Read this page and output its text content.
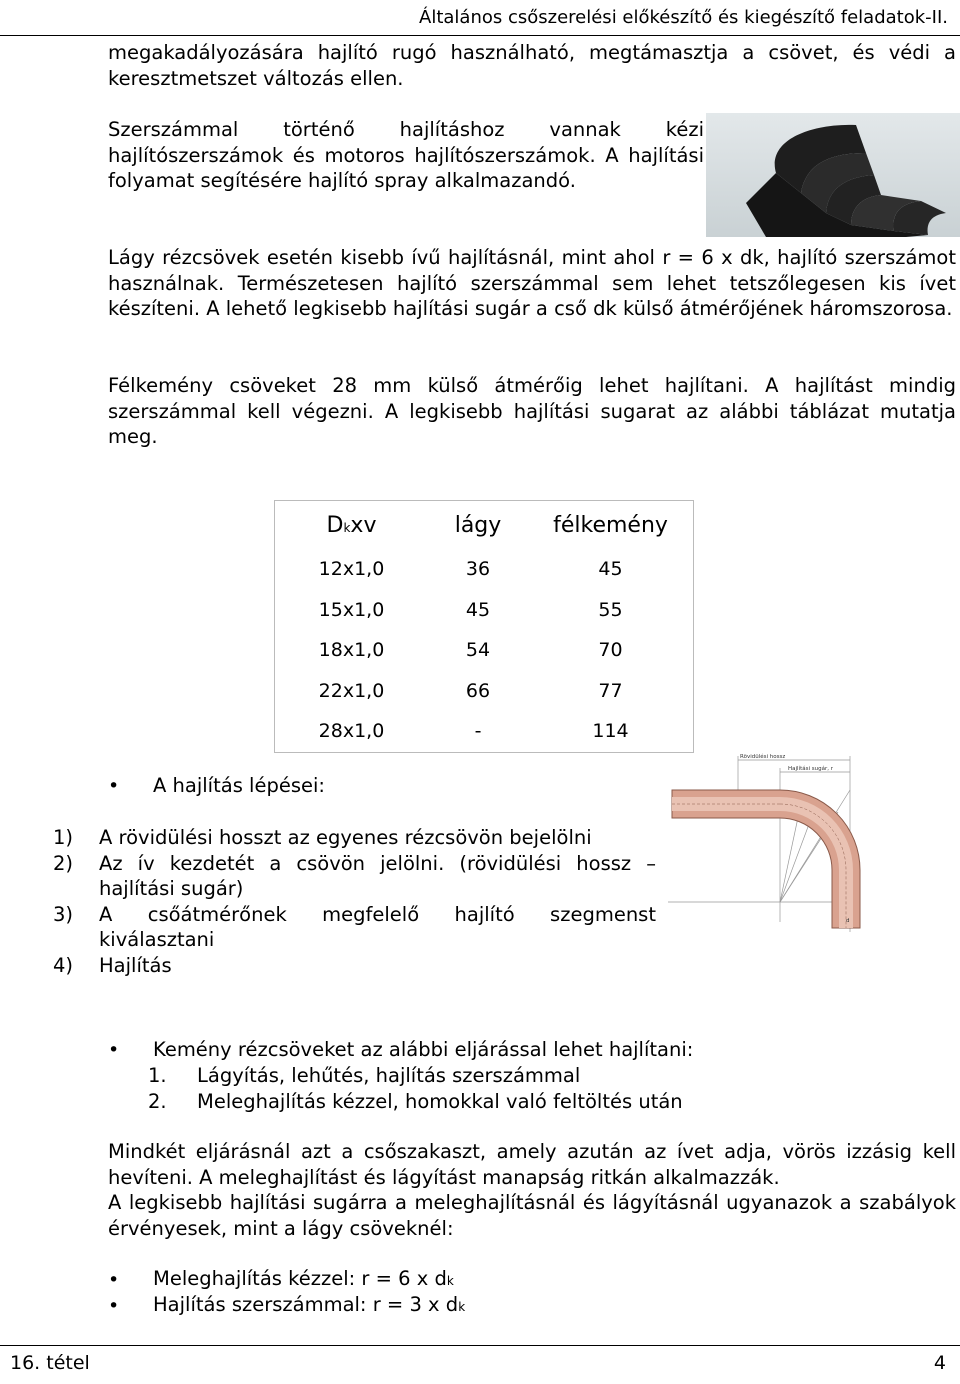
Általános csőszerelési előkészítő és kiegészítő feladatok-II.
megakadályozására hajlító rugó használható, megtámasztja a csövet, és védi a keresztmetszet változás ellen.
Szerszámmal történő hajlításhoz vannak kézi hajlítószerszámok és motoros hajlítószerszámok. A hajlítási folyamat segítésére hajlító spray alkalmazandó.
Lágy rézcsövek esetén kisebb ívű hajlításnál, mint ahol r = 6 x dk, hajlító szerszámot használnak. Természetesen hajlító szerszámmal sem lehet tetszőlegesen kis ívet készíteni. A lehető legkisebb hajlítási sugár a cső dk külső átmérőjének háromszorosa.
Félkemény csöveket 28 mm külső átmérőig lehet hajlítani. A hajlítást mindig szerszámmal kell végezni. A legkisebb hajlítási sugarat az alábbi táblázat mutatja meg.
Dkxv	lágy	félkemény
12x1,0	36	45
15x1,0	45	55
18x1,0	54	70
22x1,0	66	77
28x1,0	-	114
• A hajlítás lépései:
1) A rövidülési hosszt az egyenes rézcsövön bejelölni
2) Az ív kezdetét a csövön jelölni. (rövidülési hossz – hajlítási sugár)
3) A csőátmérőnek megfelelő hajlító szegmenst kiválasztani
4) Hajlítás
Rövidülési hossz
Hajlítási sugár, r
d
• Kemény rézcsöveket az alábbi eljárással lehet hajlítani:
1. Lágyítás, lehűtés, hajlítás szerszámmal
2. Meleghajlítás kézzel, homokkal való feltöltés után
Mindkét eljárásnál azt a csőszakaszt, amely azután az ívet adja, vörös izzásig kell hevíteni. A meleghajlítást és lágyítást manapság ritkán alkalmazzák.
A legkisebb hajlítási sugárra a meleghajlításnál és lágyításnál ugyanazok a szabályok érvényesek, mint a lágy csöveknél:
• Meleghajlítás kézzel: r = 6 x dk
• Hajlítás szerszámmal: r = 3 x dk
16. tétel	4
